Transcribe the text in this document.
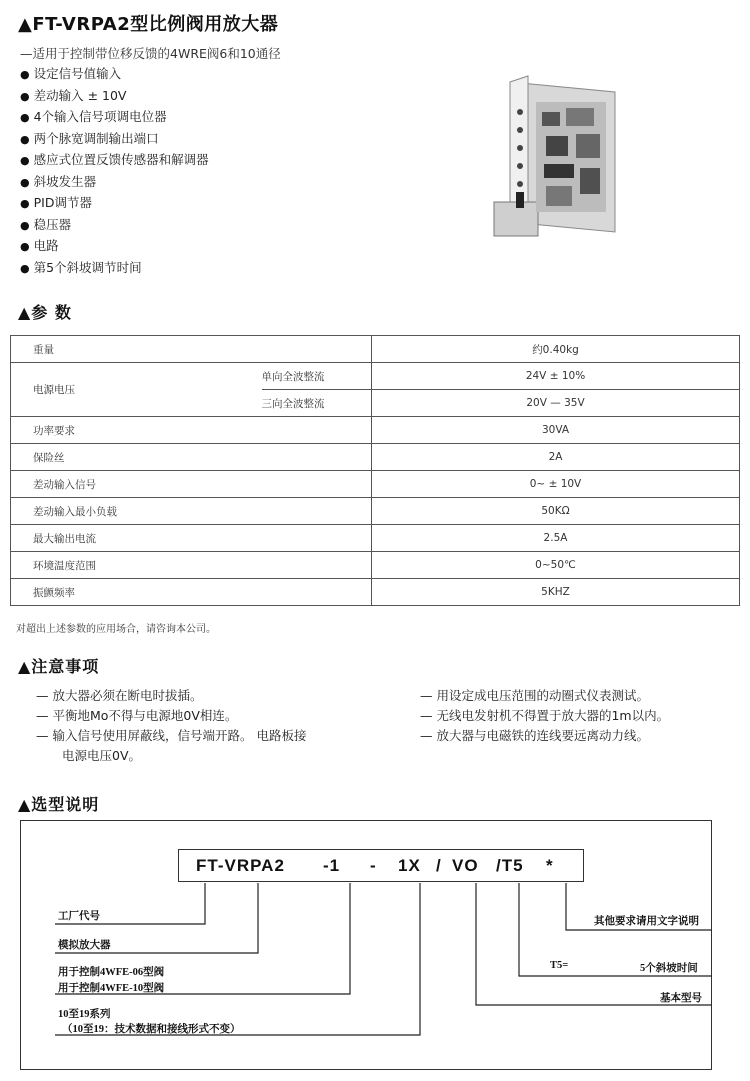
▲FT-VRPA2型比例阀用放大器
—适用于控制带位移反馈的4WRE阀6和10通径
● 设定信号值输入
● 差动输入 ± 10V
● 4个输入信号项调电位器
● 两个脉宽调制输出端口
● 感应式位置反馈传感器和解调器
● 斜坡发生器
● PID调节器
● 稳压器
● 电路
● 第5个斜坡调节时间
▲参 数
重量		约0.40kg
电源电压	单向全波整流	24V ± 10%
	三向全波整流	20V — 35V
功率要求		30VA
保险丝		2A
差动输入信号		0~ ± 10V
差动输入最小负载		50KΩ
最大输出电流		2.5A
环境温度范围		0~50℃
振颤频率		5KHZ
对超出上述参数的应用场合，请咨询本公司。
▲注意事项
— 放大器必须在断电时拔插。
— 平衡地Mo不得与电源地0V相连。
— 输入信号使用屏蔽线，信号端开路。 电路板接
电源电压0V。
— 用设定成电压范围的动圈式仪表测试。
— 无线电发射机不得置于放大器的1m以内。
— 放大器与电磁铁的连线要远离动力线。
▲选型说明
FT-VRPA2 -1 - 1X / VO /T5 *
工厂代号
模拟放大器
用于控制4WFE-06型阀
用于控制4WFE-10型阀
10至19系列
（10至19：技术数据和接线形式不变）
其他要求请用文字说明
T5=	5个斜坡时间
基本型号
